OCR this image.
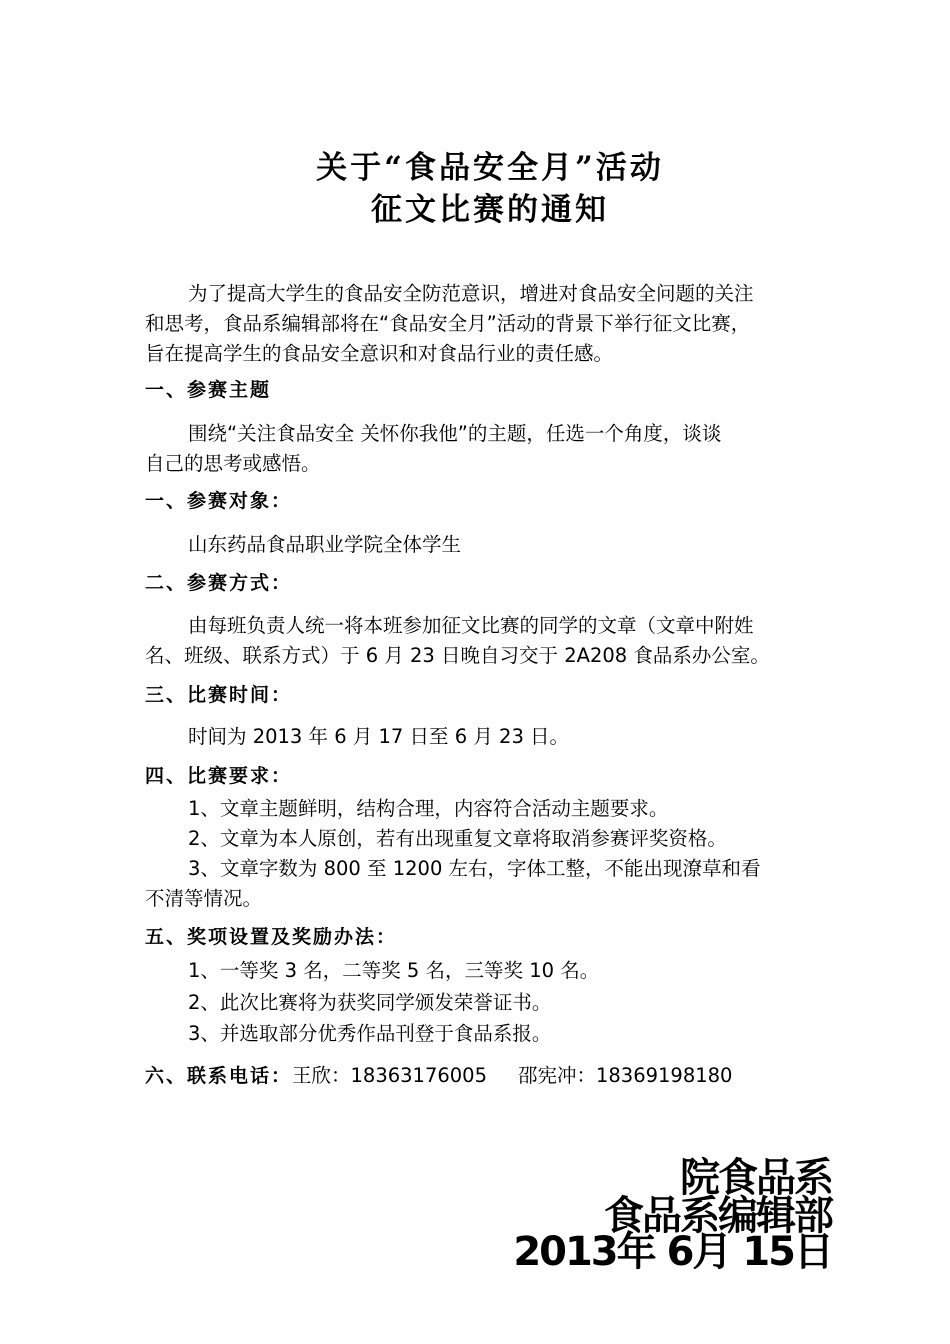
关于“食品安全月”活动
征文比赛的通知
为了提高大学生的食品安全防范意识，增进对食品安全问题的关注
和思考，食品系编辑部将在“食品安全月”活动的背景下举行征文比赛，
旨在提高学生的食品安全意识和对食品行业的责任感。
一、参赛主题
围绕“关注食品安全 关怀你我他”的主题，任选一个角度，谈谈
自己的思考或感悟。
一、参赛对象：
山东药品食品职业学院全体学生
二、参赛方式：
由每班负责人统一将本班参加征文比赛的同学的文章（文章中附姓
名、班级、联系方式）于 6 月 23 日晚自习交于 2A208 食品系办公室。
三、比赛时间：
时间为 2013 年 6 月 17 日至 6 月 23 日。
四、比赛要求：
1、文章主题鲜明，结构合理，内容符合活动主题要求。
2、文章为本人原创，若有出现重复文章将取消参赛评奖资格。
3、文章字数为 800 至 1200 左右，字体工整，不能出现潦草和看
不清等情况。
五、奖项设置及奖励办法：
1、一等奖 3 名，二等奖 5 名，三等奖 10 名。
2、此次比赛将为获奖同学颁发荣誉证书。
3、并选取部分优秀作品刊登于食品系报。
六、联系电话：王欣：18363176005     邵宪冲：18369198180
院食品系
食品系编辑部
2013年 6月 15日
